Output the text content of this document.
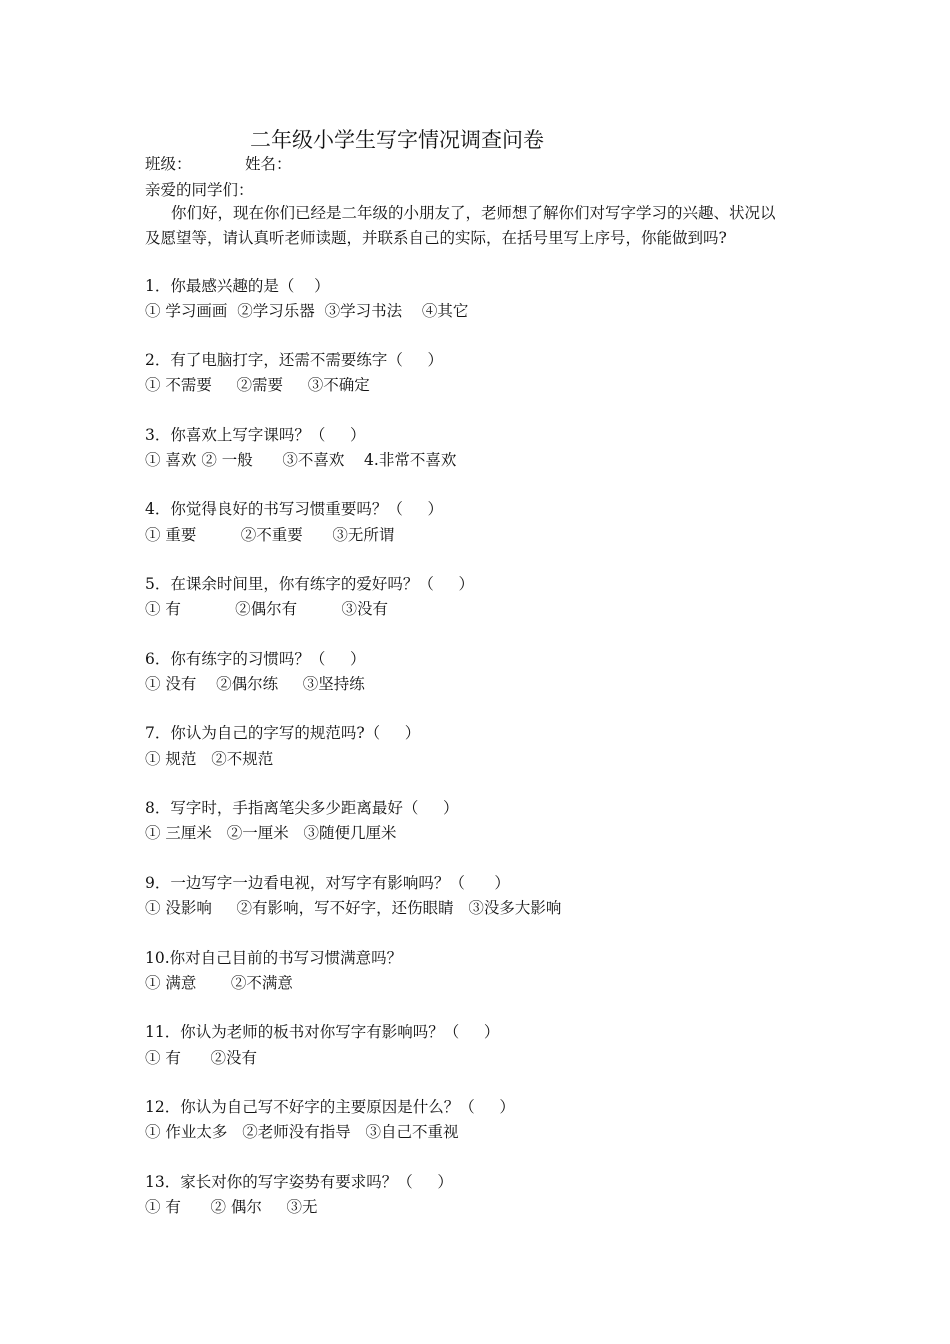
二年级小学生写字情况调查问卷
班级：	姓名：
亲爱的同学们：
你们好，现在你们已经是二年级的小朋友了，老师想了解你们对写字学习的兴趣、状况以
及愿望等，请认真听老师读题，并联系自己的实际，在括号里写上序号，你能做到吗?
1．你最感兴趣的是（    ）
① 学习画画  ②学习乐器  ③学习书法    ④其它
2．有了电脑打字，还需不需要练字（     ）
① 不需要     ②需要     ③不确定
3．你喜欢上写字课吗？（     ）
① 喜欢 ② 一般      ③不喜欢    4.非常不喜欢
4．你觉得良好的书写习惯重要吗？（     ）
① 重要         ②不重要      ③无所谓
5．在课余时间里，你有练字的爱好吗？（     ）
① 有           ②偶尔有         ③没有
6．你有练字的习惯吗？（     ）
① 没有    ②偶尔练     ③坚持练
7．你认为自己的字写的规范吗?（     ）
① 规范   ②不规范
8．写字时，手指离笔尖多少距离最好（     ）
① 三厘米   ②一厘米   ③随便几厘米
9．一边写字一边看电视，对写字有影响吗？（      ）
① 没影响     ②有影响，写不好字，还伤眼睛   ③没多大影响
10.你对自己目前的书写习惯满意吗？
① 满意       ②不满意
11．你认为老师的板书对你写字有影响吗？（     ）
① 有      ②没有
12．你认为自己写不好字的主要原因是什么？（     ）
① 作业太多   ②老师没有指导   ③自己不重视
13．家长对你的写字姿势有要求吗？（     ）
① 有      ② 偶尔     ③无
